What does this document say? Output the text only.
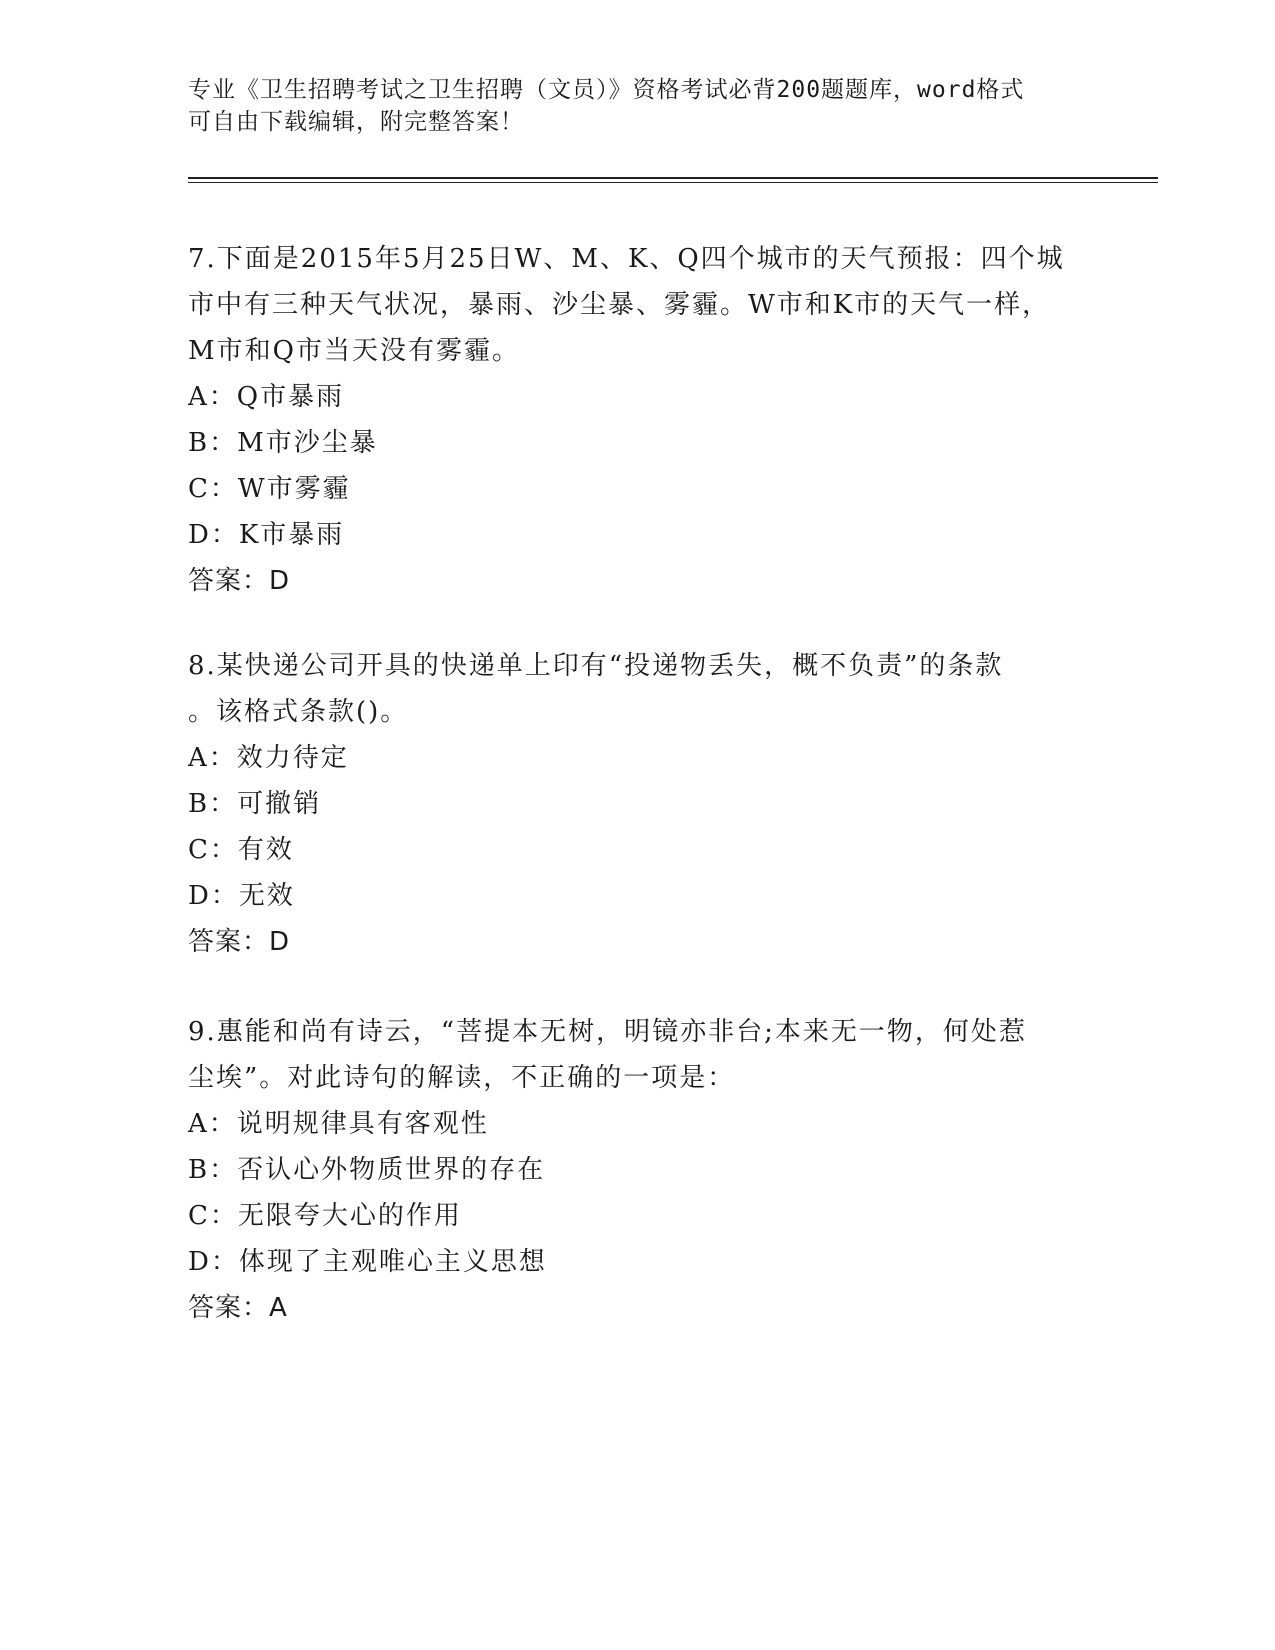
专业《卫生招聘考试之卫生招聘（文员）》资格考试必背200题题库，word格式
可自由下载编辑，附完整答案！

7.下面是2015年5月25日W、M、K、Q四个城市的天气预报：四个城

市中有三种天气状况，暴雨、沙尘暴、雾霾。W市和K市的天气一样，

M市和Q市当天没有雾霾。

A：Q市暴雨

B：M市沙尘暴

C：W市雾霾

D：K市暴雨

答案：D

8.某快递公司开具的快递单上印有“投递物丢失，概不负责”的条款

。该格式条款()。

A：效力待定

B：可撤销

C：有效

D：无效

答案：D

9.惠能和尚有诗云，“菩提本无树，明镜亦非台;本来无一物，何处惹

尘埃”。对此诗句的解读，不正确的一项是：

A：说明规律具有客观性

B：否认心外物质世界的存在

C：无限夸大心的作用

D：体现了主观唯心主义思想

答案：A
